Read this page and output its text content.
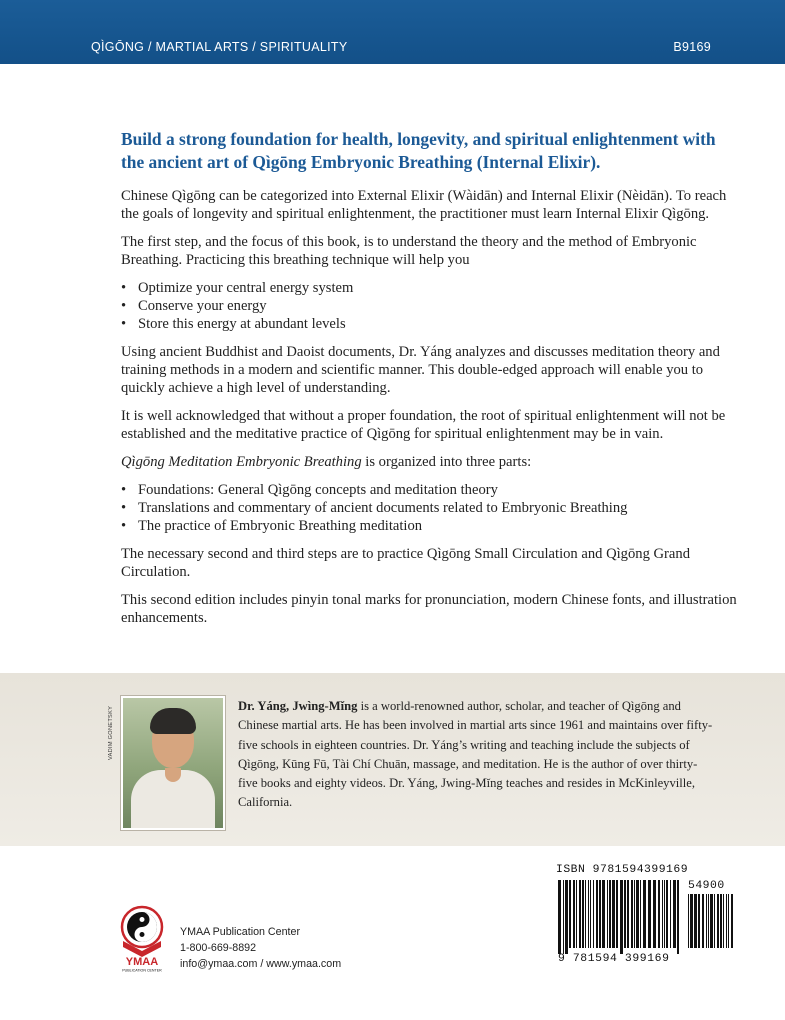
QÌGŌNG / MARTIAL ARTS / SPIRITUALITY	B9169
Build a strong foundation for health, longevity, and spiritual enlightenment with the ancient art of Qìgōng Embryonic Breathing (Internal Elixir).

Chinese Qìgōng can be categorized into External Elixir (Wàidān) and Internal Elixir (Nèidān). To reach the goals of longevity and spiritual enlightenment, the practitioner must learn Internal Elixir Qìgōng.

The first step, and the focus of this book, is to understand the theory and the method of Embryonic Breathing. Practicing this breathing technique will help you

• Optimize your central energy system
• Conserve your energy
• Store this energy at abundant levels

Using ancient Buddhist and Daoist documents, Dr. Yáng analyzes and discusses meditation theory and training methods in a modern and scientific manner. This double-edged approach will enable you to quickly achieve a high level of understanding.

It is well acknowledged that without a proper foundation, the root of spiritual enlightenment will not be established and the meditative practice of Qìgōng for spiritual enlightenment may be in vain.

Qìgōng Meditation Embryonic Breathing is organized into three parts:

• Foundations: General Qìgōng concepts and meditation theory
• Translations and commentary of ancient documents related to Embryonic Breathing
• The practice of Embryonic Breathing meditation

The necessary second and third steps are to practice Qìgōng Small Circulation and Qìgōng Grand Circulation.

This second edition includes pinyin tonal marks for pronunciation, modern Chinese fonts, and illustration enhancements.

VADIM GONETSKY	Dr. Yáng, Jwìng-Mǐng is a world-renowned author, scholar, and teacher of Qìgōng and Chinese martial arts. He has been involved in martial arts since 1961 and maintains over fifty-five schools in eighteen countries. Dr. Yáng’s writing and teaching include the subjects of Qìgōng, Kūng Fū, Tài Chí Chuān, massage, and meditation. He is the author of over thirty-five books and eighty videos. Dr. Yáng, Jwing-Mǐng teaches and resides in McKinleyville, California.
YMAA
PUBLICATION CENTER
YMAA Publication Center
1-800-669-8892
info@ymaa.com / www.ymaa.com
ISBN 9781594399169
54900
9 781594 399169
